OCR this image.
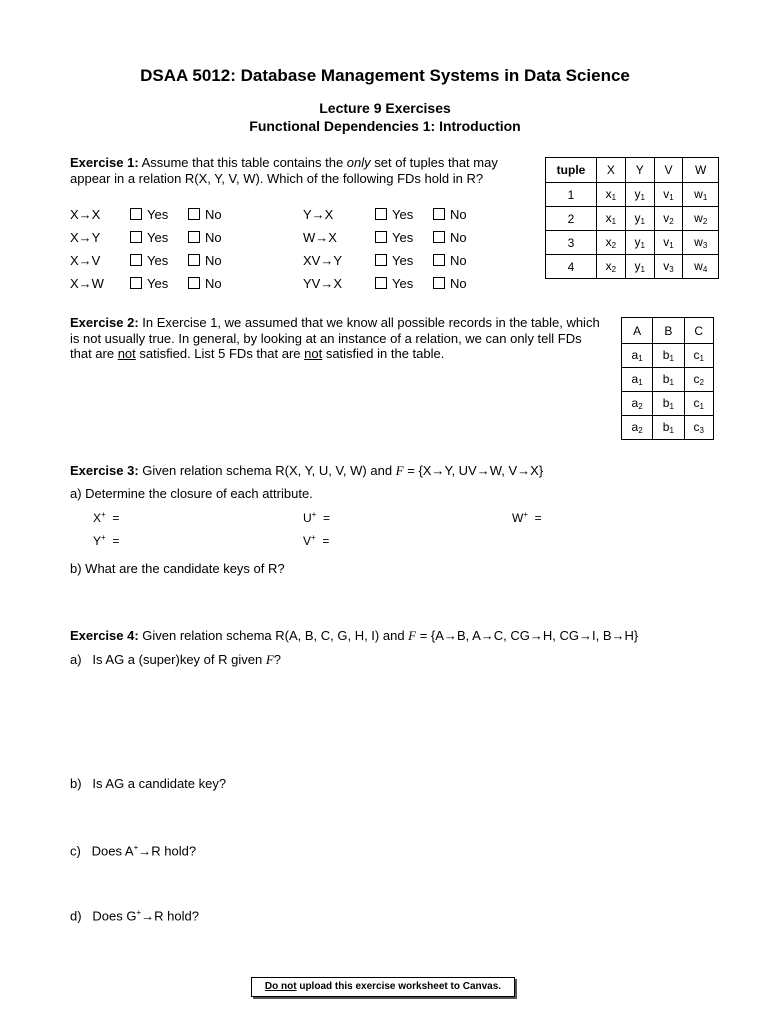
DSAA 5012: Database Management Systems in Data Science
Lecture 9 Exercises
Functional Dependencies 1: Introduction
Exercise 1: Assume that this table contains the only set of tuples that may appear in a relation R(X, Y, V, W). Which of the following FDs hold in R?
X→X	Yes	No
X→Y	Yes	No
X→V	Yes	No
X→W	Yes	No
Y→X	Yes	No
W→X	Yes	No
XV→Y	Yes	No
YV→X	Yes	No
tuple	X	Y	V	W
1	$x_1$	$y_1$	$v_1$	$w_1$
2	$x_1$	$y_1$	$v_2$	$w_2$
3	$x_2$	$y_1$	$v_1$	$w_3$
4	$x_2$	$y_1$	$v_3$	$w_4$
Exercise 2: In Exercise 1, we assumed that we know all possible records in the table, which is not usually true. In general, by looking at an instance of a relation, we can only tell FDs that are not satisfied. List 5 FDs that are not satisfied in the table.
A	B	C
$a_1$	$b_1$	$c_1$
$a_1$	$b_1$	$c_2$
$a_2$	$b_1$	$c_1$
$a_2$	$b_1$	$c_3$
Exercise 3: Given relation schema R(X, Y, U, V, W) and F = {X→Y, UV→W, V→X}
a) Determine the closure of each attribute.
X+  =	U+  =	W+  =
Y+  =	V+  =
b) What are the candidate keys of R?
Exercise 4: Given relation schema R(A, B, C, G, H, I) and F = {A→B, A→C, CG→H, CG→I, B→H}
a)   Is AG a (super)key of R given F?
b)   Is AG a candidate key?
c)   Does A+→R hold?
d)   Does G+→R hold?
Do not upload this exercise worksheet to Canvas.
